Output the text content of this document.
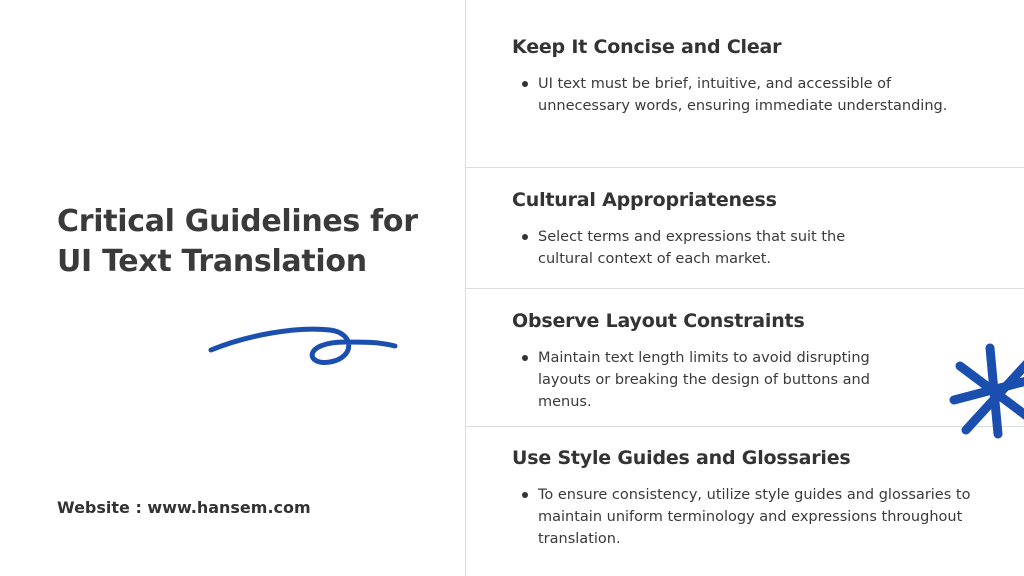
Critical Guidelines for UI Text Translation
Website : www.hansem.com
Keep It Concise and Clear
UI text must be brief, intuitive, and accessible of unnecessary words, ensuring immediate understanding.
Cultural Appropriateness
Select terms and expressions that suit the cultural context of each market.
Observe Layout Constraints
Maintain text length limits to avoid disrupting layouts or breaking the design of buttons and menus.
Use Style Guides and Glossaries
To ensure consistency, utilize style guides and glossaries to maintain uniform terminology and expressions throughout translation.
